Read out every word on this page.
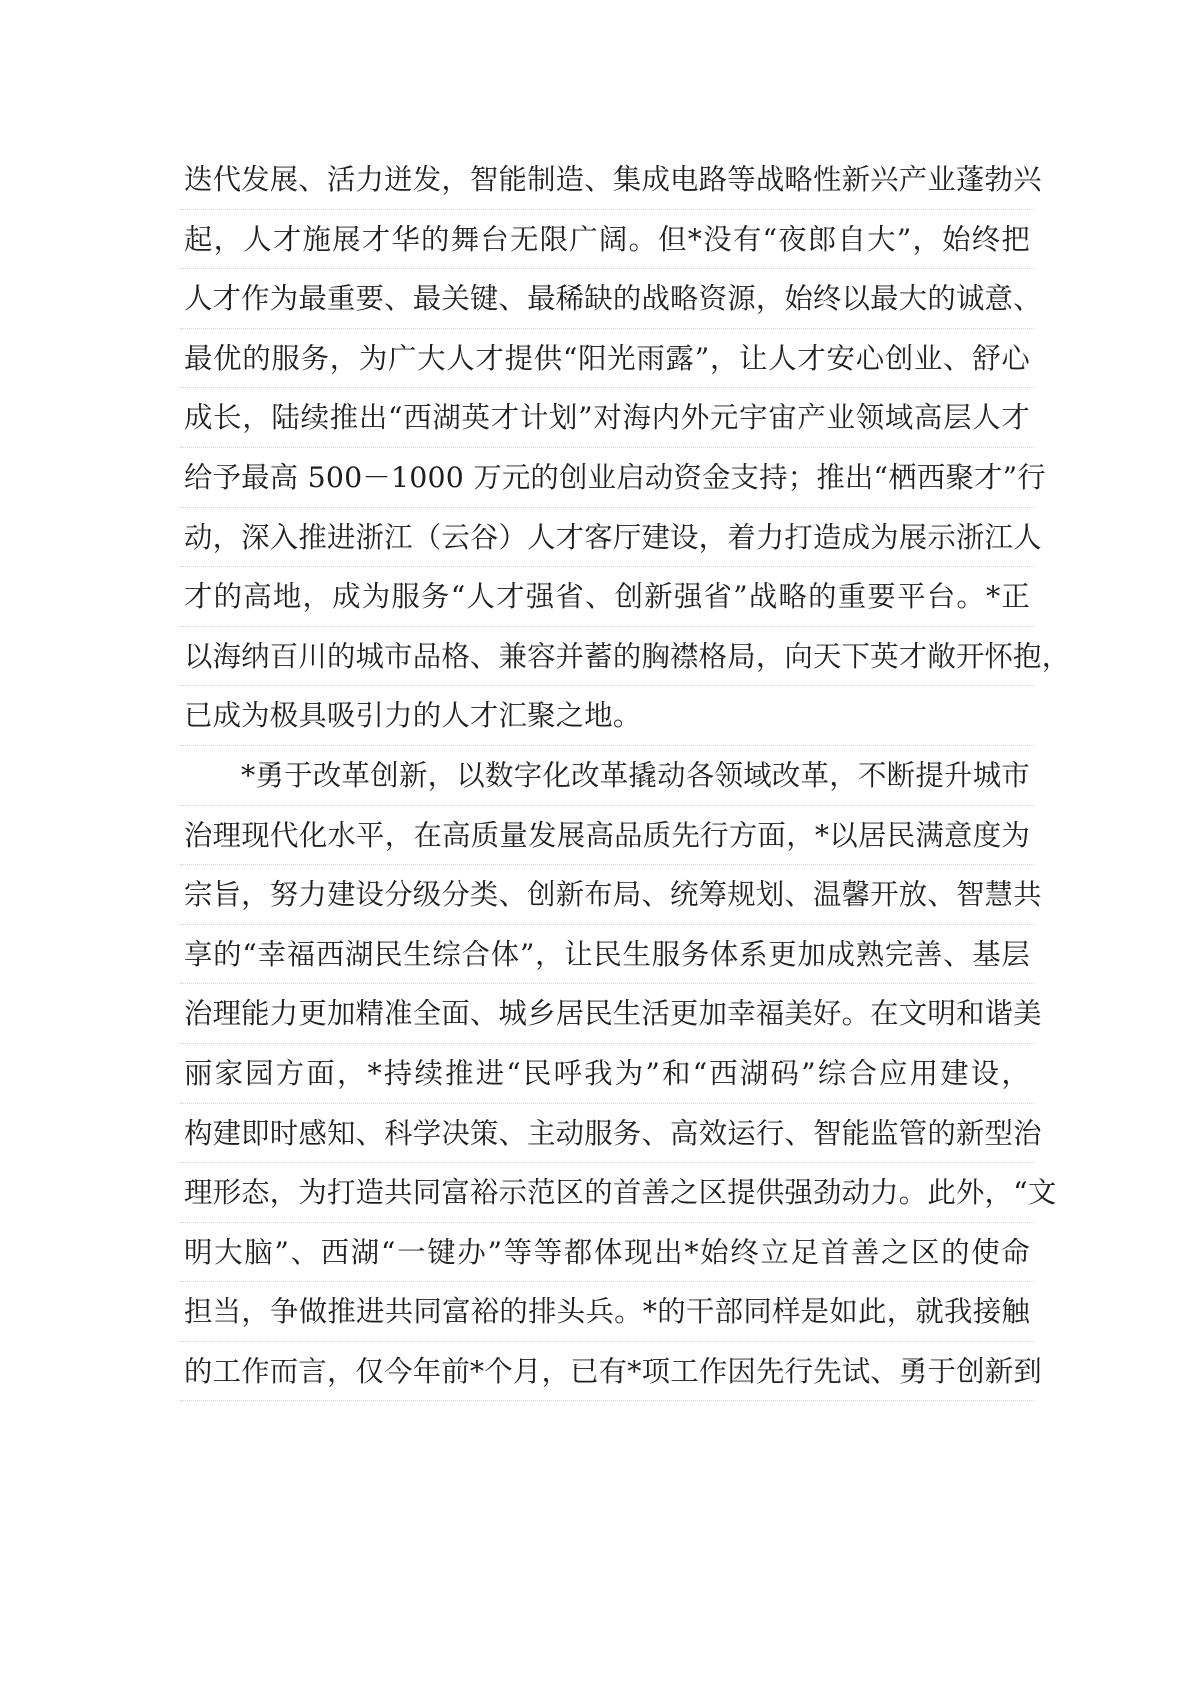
迭代发展、活力迸发，智能制造、集成电路等战略性新兴产业蓬勃兴
起，人才施展才华的舞台无限广阔。但*没有“夜郎自大”，始终把
人才作为最重要、最关键、最稀缺的战略资源，始终以最大的诚意、
最优的服务，为广大人才提供“阳光雨露”，让人才安心创业、舒心
成长，陆续推出“西湖英才计划”对海内外元宇宙产业领域高层人才
给予最高 500－1000 万元的创业启动资金支持；推出“栖西聚才”行
动，深入推进浙江（云谷）人才客厅建设，着力打造成为展示浙江人
才的高地，成为服务“人才强省、创新强省”战略的重要平台。*正
以海纳百川的城市品格、兼容并蓄的胸襟格局，向天下英才敞开怀抱，
已成为极具吸引力的人才汇聚之地。
*勇于改革创新，以数字化改革撬动各领域改革，不断提升城市
治理现代化水平，在高质量发展高品质先行方面，*以居民满意度为
宗旨，努力建设分级分类、创新布局、统筹规划、温馨开放、智慧共
享的“幸福西湖民生综合体”，让民生服务体系更加成熟完善、基层
治理能力更加精准全面、城乡居民生活更加幸福美好。在文明和谐美
丽家园方面，*持续推进“民呼我为”和“西湖码”综合应用建设，
构建即时感知、科学决策、主动服务、高效运行、智能监管的新型治
理形态，为打造共同富裕示范区的首善之区提供强劲动力。此外，“文
明大脑”、西湖“一键办”等等都体现出*始终立足首善之区的使命
担当，争做推进共同富裕的排头兵。*的干部同样是如此，就我接触
的工作而言，仅今年前*个月，已有*项工作因先行先试、勇于创新到
